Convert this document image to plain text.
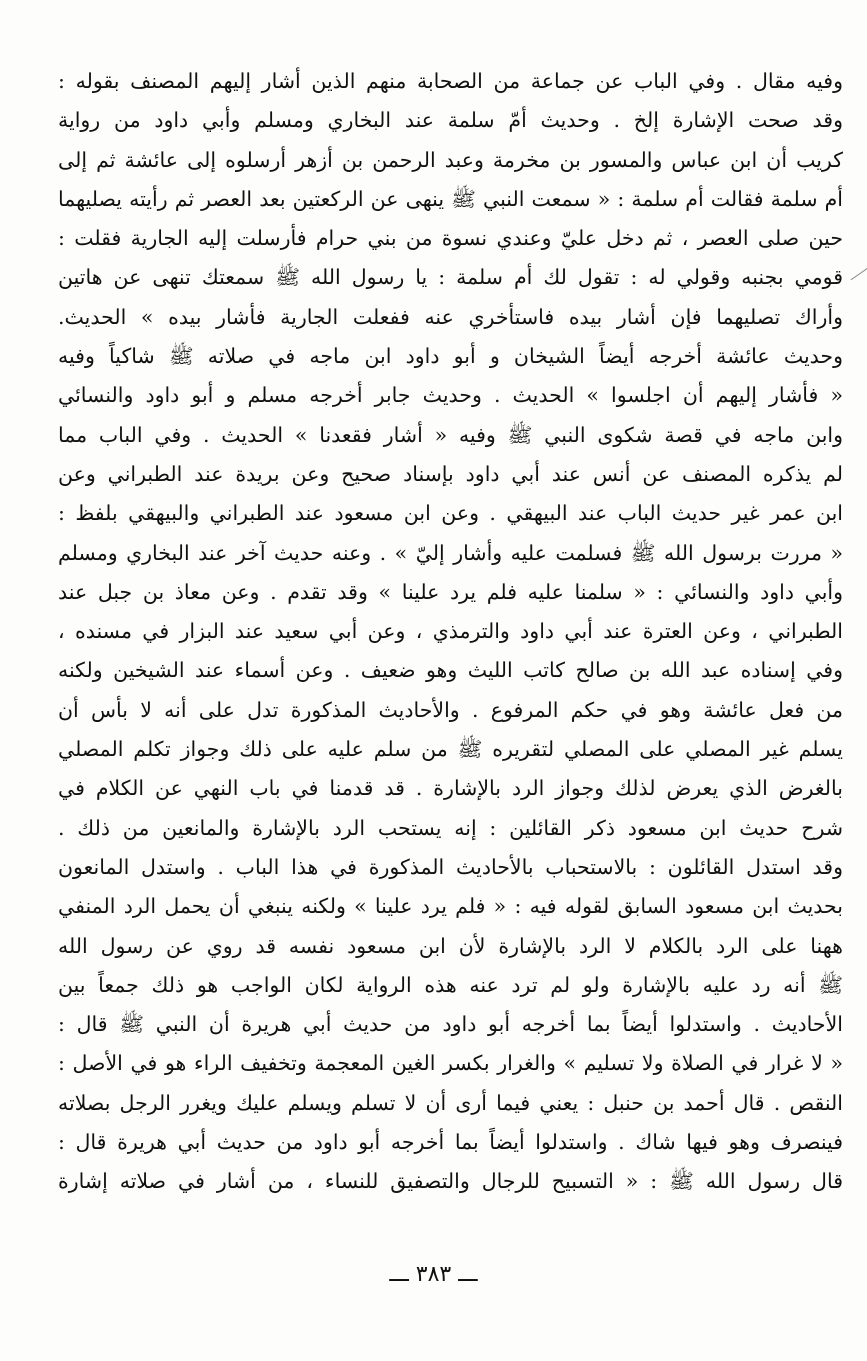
وفيه مقال . وفي الباب عن جماعة من الصحابة منهم الذين أشار إليهم المصنف بقوله :
وقد صحت الإشارة إلخ . وحديث أمّ سلمة عند البخاري ومسلم وأبي داود من رواية
كريب أن ابن عباس والمسور بن مخرمة وعبد الرحمن بن أزهر أرسلوه إلى عائشة ثم إلى
أم سلمة فقالت أم سلمة : « سمعت النبي ﷺ ينهى عن الركعتين بعد العصر ثم رأيته يصليهما
حين صلى العصر ، ثم دخل عليّ وعندي نسوة من بني حرام فأرسلت إليه الجارية فقلت :
قومي بجنبه وقولي له : تقول لك أم سلمة : يا رسول الله ﷺ سمعتك تنهى عن هاتين
وأراك تصليهما فإن أشار بيده فاستأخري عنه ففعلت الجارية فأشار بيده » الحديث.
وحديث عائشة أخرجه أيضاً الشيخان و أبو داود ابن ماجه في صلاته ﷺ شاكياً وفيه
« فأشار إليهم أن اجلسوا » الحديث . وحديث جابر أخرجه مسلم و أبو داود والنسائي
وابن ماجه في قصة شكوى النبي ﷺ وفيه « أشار فقعدنا » الحديث . وفي الباب مما
لم يذكره المصنف عن أنس عند أبي داود بإسناد صحيح وعن بريدة عند الطبراني وعن
ابن عمر غير حديث الباب عند البيهقي . وعن ابن مسعود عند الطبراني والبيهقي بلفظ :
« مررت برسول الله ﷺ فسلمت عليه وأشار إليّ » . وعنه حديث آخر عند البخاري ومسلم
وأبي داود والنسائي : « سلمنا عليه فلم يرد علينا » وقد تقدم . وعن معاذ بن جبل عند
الطبراني ، وعن العترة عند أبي داود والترمذي ، وعن أبي سعيد عند البزار في مسنده ،
وفي إسناده عبد الله بن صالح كاتب الليث وهو ضعيف . وعن أسماء عند الشيخين ولكنه
من فعل عائشة وهو في حكم المرفوع . والأحاديث المذكورة تدل على أنه لا بأس أن
يسلم غير المصلي على المصلي لتقريره ﷺ من سلم عليه على ذلك وجواز تكلم المصلي
بالغرض الذي يعرض لذلك وجواز الرد بالإشارة . قد قدمنا في باب النهي عن الكلام في
شرح حديث ابن مسعود ذكر القائلين : إنه يستحب الرد بالإشارة والمانعين من ذلك .
وقد استدل القائلون : بالاستحباب بالأحاديث المذكورة في هذا الباب . واستدل المانعون
بحديث ابن مسعود السابق لقوله فيه : « فلم يرد علينا » ولكنه ينبغي أن يحمل الرد المنفي
ههنا على الرد بالكلام لا الرد بالإشارة لأن ابن مسعود نفسه قد روي عن رسول الله
ﷺ أنه رد عليه بالإشارة ولو لم ترد عنه هذه الرواية لكان الواجب هو ذلك جمعاً بين
الأحاديث . واستدلوا أيضاً بما أخرجه أبو داود من حديث أبي هريرة أن النبي ﷺ قال :
« لا غرار في الصلاة ولا تسليم » والغرار بكسر الغين المعجمة وتخفيف الراء هو في الأصل :
النقص . قال أحمد بن حنبل : يعني فيما أرى أن لا تسلم ويسلم عليك ويغرر الرجل بصلاته
فينصرف وهو فيها شاك . واستدلوا أيضاً بما أخرجه أبو داود من حديث أبي هريرة قال :
قال رسول الله ﷺ : « التسبيح للرجال والتصفيق للنساء ، من أشار في صلاته إشارة
ـــ ٣٨٣ ـــ
